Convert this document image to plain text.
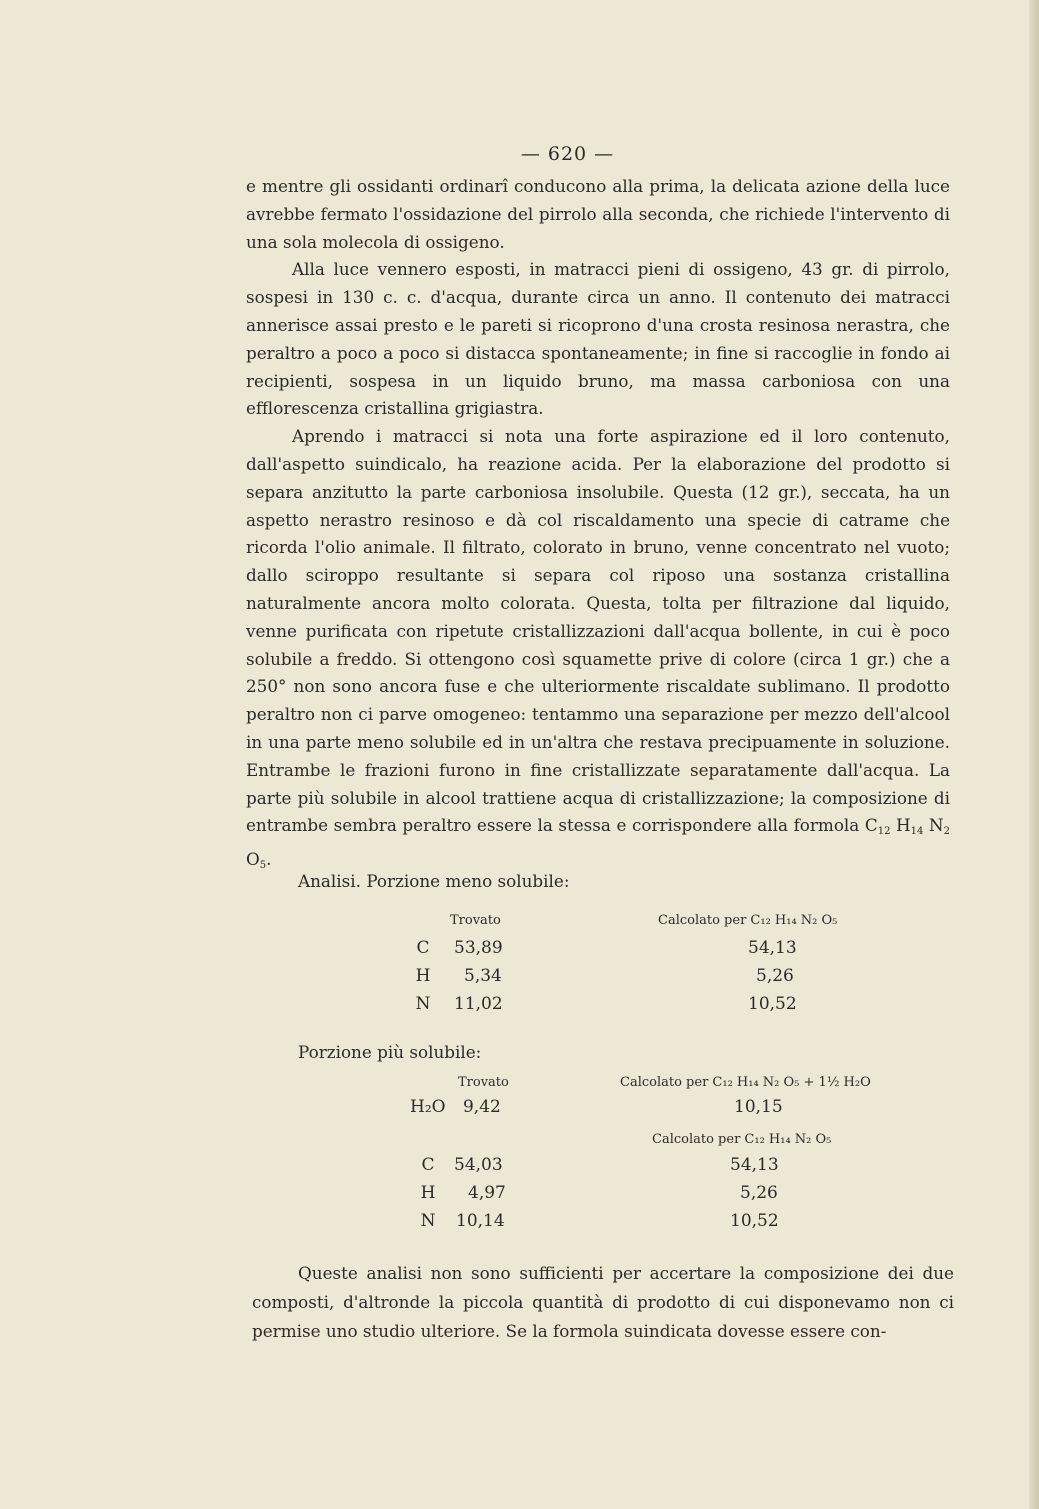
— 620 —

e mentre gli ossidanti ordinarî conducono alla prima, la delicata azione della luce avrebbe fermato l'ossidazione del pirrolo alla seconda, che richiede l'intervento di una sola molecola di ossigeno.

Alla luce vennero esposti, in matracci pieni di ossigeno, 43 gr. di pirrolo, sospesi in 130 c. c. d'acqua, durante circa un anno. Il contenuto dei matracci annerisce assai presto e le pareti si ricoprono d'una crosta resinosa nerastra, che peraltro a poco a poco si distacca spontaneamente; in fine si raccoglie in fondo ai recipienti, sospesa in un liquido bruno, ma massa carboniosa con una efflorescenza cristallina grigiastra.

Aprendo i matracci si nota una forte aspirazione ed il loro contenuto, dall'aspetto suindicalo, ha reazione acida. Per la elaborazione del prodotto si separa anzitutto la parte carboniosa insolubile. Questa (12 gr.), seccata, ha un aspetto nerastro resinoso e dà col riscaldamento una specie di catrame che ricorda l'olio animale. Il filtrato, colorato in bruno, venne concentrato nel vuoto; dallo sciroppo resultante si separa col riposo una sostanza cristallina naturalmente ancora molto colorata. Questa, tolta per filtrazione dal liquido, venne purificata con ripetute cristallizzazioni dall'acqua bollente, in cui è poco solubile a freddo. Si ottengono così squamette prive di colore (circa 1 gr.) che a 250° non sono ancora fuse e che ulteriormente riscaldate sublimano. Il prodotto peraltro non ci parve omogeneo: tentammo una separazione per mezzo dell'alcool in una parte meno solubile ed in un'altra che restava precipuamente in soluzione. Entrambe le frazioni furono in fine cristallizzate separatamente dall'acqua. La parte più solubile in alcool trattiene acqua di cristallizzazione; la composizione di entrambe sembra peraltro essere la stessa e corrispondere alla formola $C_{12}$ $H_{14}$ $N_2$ $O_5$.

Analisi. Porzione meno solubile:
	Trovato	Calcolato per C₁₂ H₁₄ N₂ O₅
C	53,89	54,13
H	5,34	5,26
N	11,02	10,52
Porzione più solubile:
Trovato	Calcolato per C₁₂ H₁₄ N₂ O₅ + 1½ H₂O
H₂O 9,42	10,15
Calcolato per C₁₂ H₁₄ N₂ O₅
C	54,03	54,13
H	4,97	5,26
N	10,14	10,52

Queste analisi non sono sufficienti per accertare la composizione dei due composti, d'altronde la piccola quantità di prodotto di cui disponevamo non ci permise uno studio ulteriore. Se la formola suindicata dovesse essere con-
